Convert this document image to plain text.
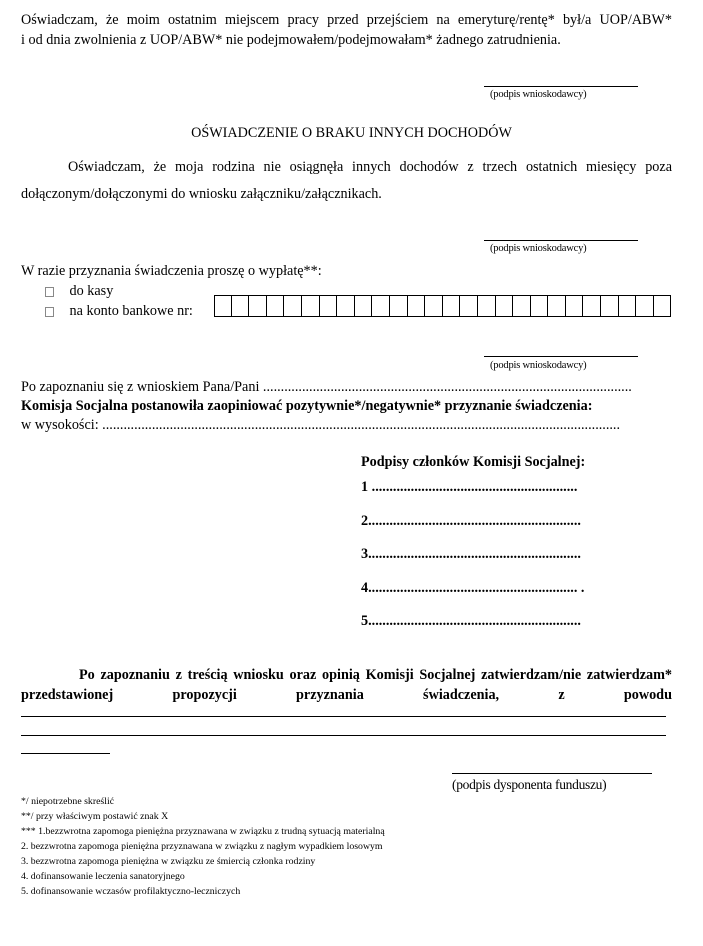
Oświadczam, że moim ostatnim miejscem pracy przed przejściem na emeryturę/rentę* był/a UOP/ABW*
i od dnia zwolnienia z UOP/ABW* nie podejmowałem/podejmowałam* żadnego zatrudnienia.
(podpis wnioskodawcy)
OŚWIADCZENIE O BRAKU INNYCH DOCHODÓW
Oświadczam, że moja rodzina nie osiągnęła innych dochodów z trzech ostatnich miesięcy poza
dołączonym/dołączonymi do wniosku załączniku/załącznikach.
(podpis wnioskodawcy)
W razie przyznania świadczenia proszę o wypłatę**:
do kasy
na konto bankowe nr:
(podpis wnioskodawcy)
Po zapoznaniu się z wnioskiem Pana/Pani ........................................................................................................
Komisja Socjalna postanowiła zaopiniować pozytywnie*/negatywnie* przyznanie świadczenia:
w wysokości: ..................................................................................................................................................
Podpisy członków Komisji Socjalnej:
1 ..........................................................
2............................................................
3............................................................
4........................................................... .
5............................................................
Po zapoznaniu z treścią wniosku oraz opinią Komisji Socjalnej zatwierdzam/nie zatwierdzam*
przedstawionej	propozycji	przyznania	świadczenia,	z	powodu
(podpis dysponenta funduszu)
*/ niepotrzebne skreślić
**/ przy właściwym postawić znak X
*** 1.bezzwrotna zapomoga pieniężna przyznawana w związku z trudną sytuacją materialną
2. bezzwrotna zapomoga pieniężna przyznawana w związku z nagłym wypadkiem losowym
3. bezzwrotna zapomoga pieniężna w związku ze śmiercią członka rodziny
4. dofinansowanie leczenia sanatoryjnego
5. dofinansowanie wczasów profilaktyczno-leczniczych
